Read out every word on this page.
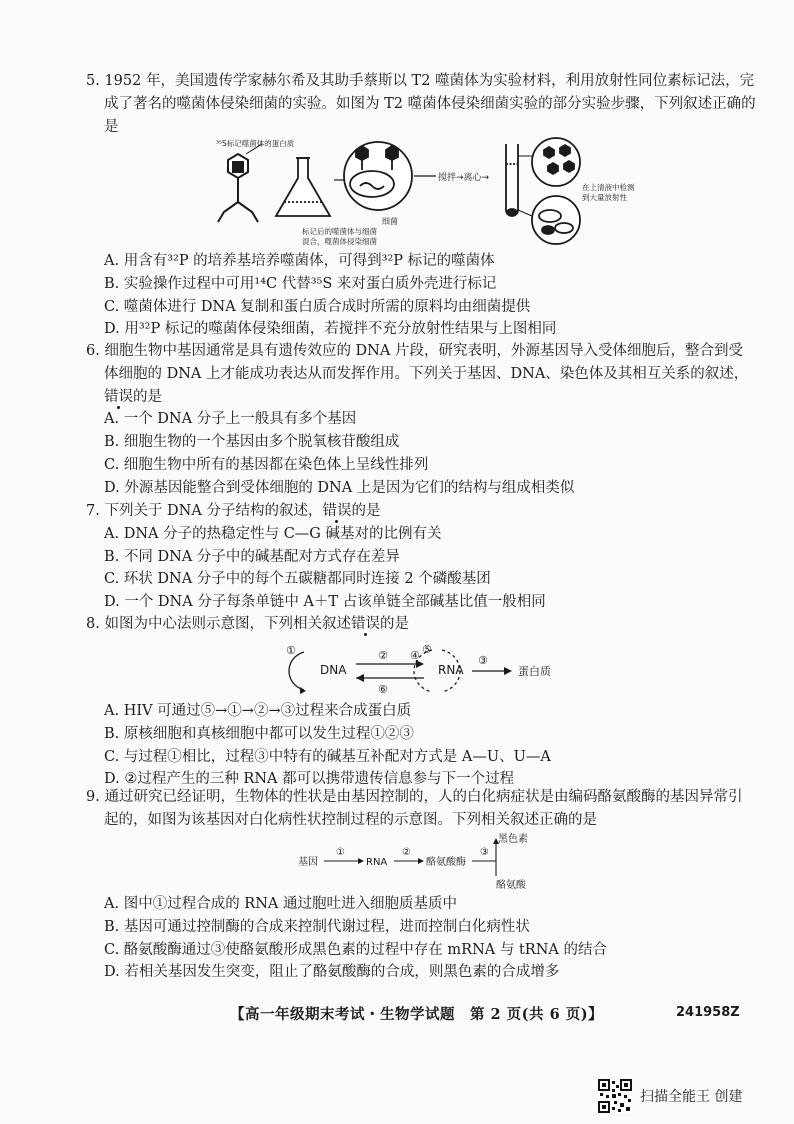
5. 1952 年，美国遗传学家赫尔希及其助手蔡斯以 T2 噬菌体为实验材料，利用放射性同位素标记法，完成了著名的噬菌体侵染细菌的实验。如图为 T2 噬菌体侵染细菌实验的部分实验步骤，下列叙述正确的是

³⁵S标记噬菌体的蛋白质
细菌
标记后的噬菌体与细菌
混合，噬菌体侵染细菌
搅拌→离心→
在上清液中检测
到大量放射性

A. 用含有³²P 的培养基培养噬菌体，可得到³²P 标记的噬菌体

B. 实验操作过程中可用¹⁴C 代替³⁵S 来对蛋白质外壳进行标记

C. 噬菌体进行 DNA 复制和蛋白质合成时所需的原料均由细菌提供

D. 用³²P 标记的噬菌体侵染细菌，若搅拌不充分放射性结果与上图相同

6. 细胞生物中基因通常是具有遗传效应的 DNA 片段，研究表明，外源基因导入受体细胞后，整合到受体细胞的 DNA 上才能成功表达从而发挥作用。下列关于基因、DNA、染色体及其相互关系的叙述，错误的是

A. 一个 DNA 分子上一般具有多个基因

B. 细胞生物的一个基因由多个脱氧核苷酸组成

C. 细胞生物中所有的基因都在染色体上呈线性排列

D. 外源基因能整合到受体细胞的 DNA 上是因为它们的结构与组成相类似

7. 下列关于 DNA 分子结构的叙述，错误的是

A. DNA 分子的热稳定性与 C—G 碱基对的比例有关

B. 不同 DNA 分子中的碱基配对方式存在差异

C. 环状 DNA 分子中的每个五碳糖都同时连接 2 个磷酸基团

D. 一个 DNA 分子每条单链中 A＋T 占该单链全部碱基比值一般相同

8. 如图为中心法则示意图，下列相关叙述错误的是

①
DNA
② ④
⑥
⑤
RNA
③
蛋白质

A. HIV 可通过⑤→①→②→③过程来合成蛋白质

B. 原核细胞和真核细胞中都可以发生过程①②③

C. 与过程①相比，过程③中特有的碱基互补配对方式是 A—U、U—A

D. ②过程产生的三种 RNA 都可以携带遗传信息参与下一个过程

9. 通过研究已经证明，生物体的性状是由基因控制的，人的白化病症状是由编码酪氨酸酶的基因异常引起的，如图为该基因对白化病性状控制过程的示意图。下列相关叙述正确的是

基因
①
RNA
②
酪氨酸酶
③
黑色素
酪氨酸

A. 图中①过程合成的 RNA 通过胞吐进入细胞质基质中

B. 基因可通过控制酶的合成来控制代谢过程，进而控制白化病性状

C. 酪氨酸酶通过③使酪氨酸形成黑色素的过程中存在 mRNA 与 tRNA 的结合

D. 若相关基因发生突变，阻止了酪氨酸酶的合成，则黑色素的合成增多

【高一年级期末考试・生物学试题　第 2 页(共 6 页)】	241958Z
扫描全能王 创建
